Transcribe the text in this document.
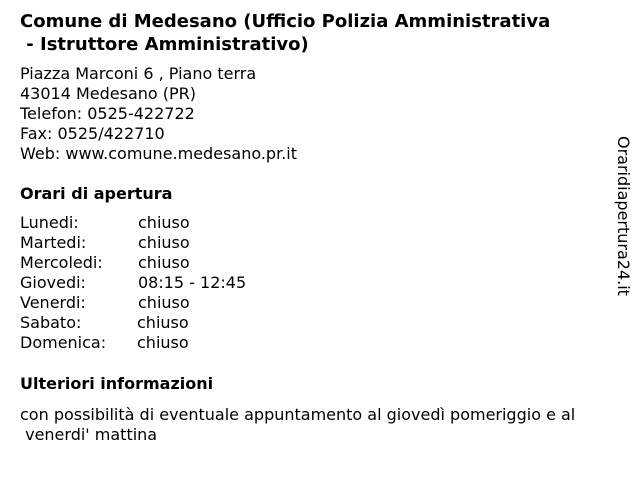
Comune di Medesano (Ufficio Polizia Amministrativa
- Istruttore Amministrativo)
Piazza Marconi 6 , Piano terra
43014 Medesano (PR)
Telefon: 0525-422722
Fax: 0525/422710
Web: www.comune.medesano.pr.it
Orari di apertura
Lunedi:	chiuso
Martedi:	chiuso
Mercoledi: chiuso
Giovedi:	08:15 - 12:45
Venerdi:	chiuso
Sabato:	chiuso
Domenica: chiuso
Ulteriori informazioni
con possibilità di eventuale appuntamento al giovedì pomeriggio e al
venerdi' mattina
Oraridiapertura24.it
